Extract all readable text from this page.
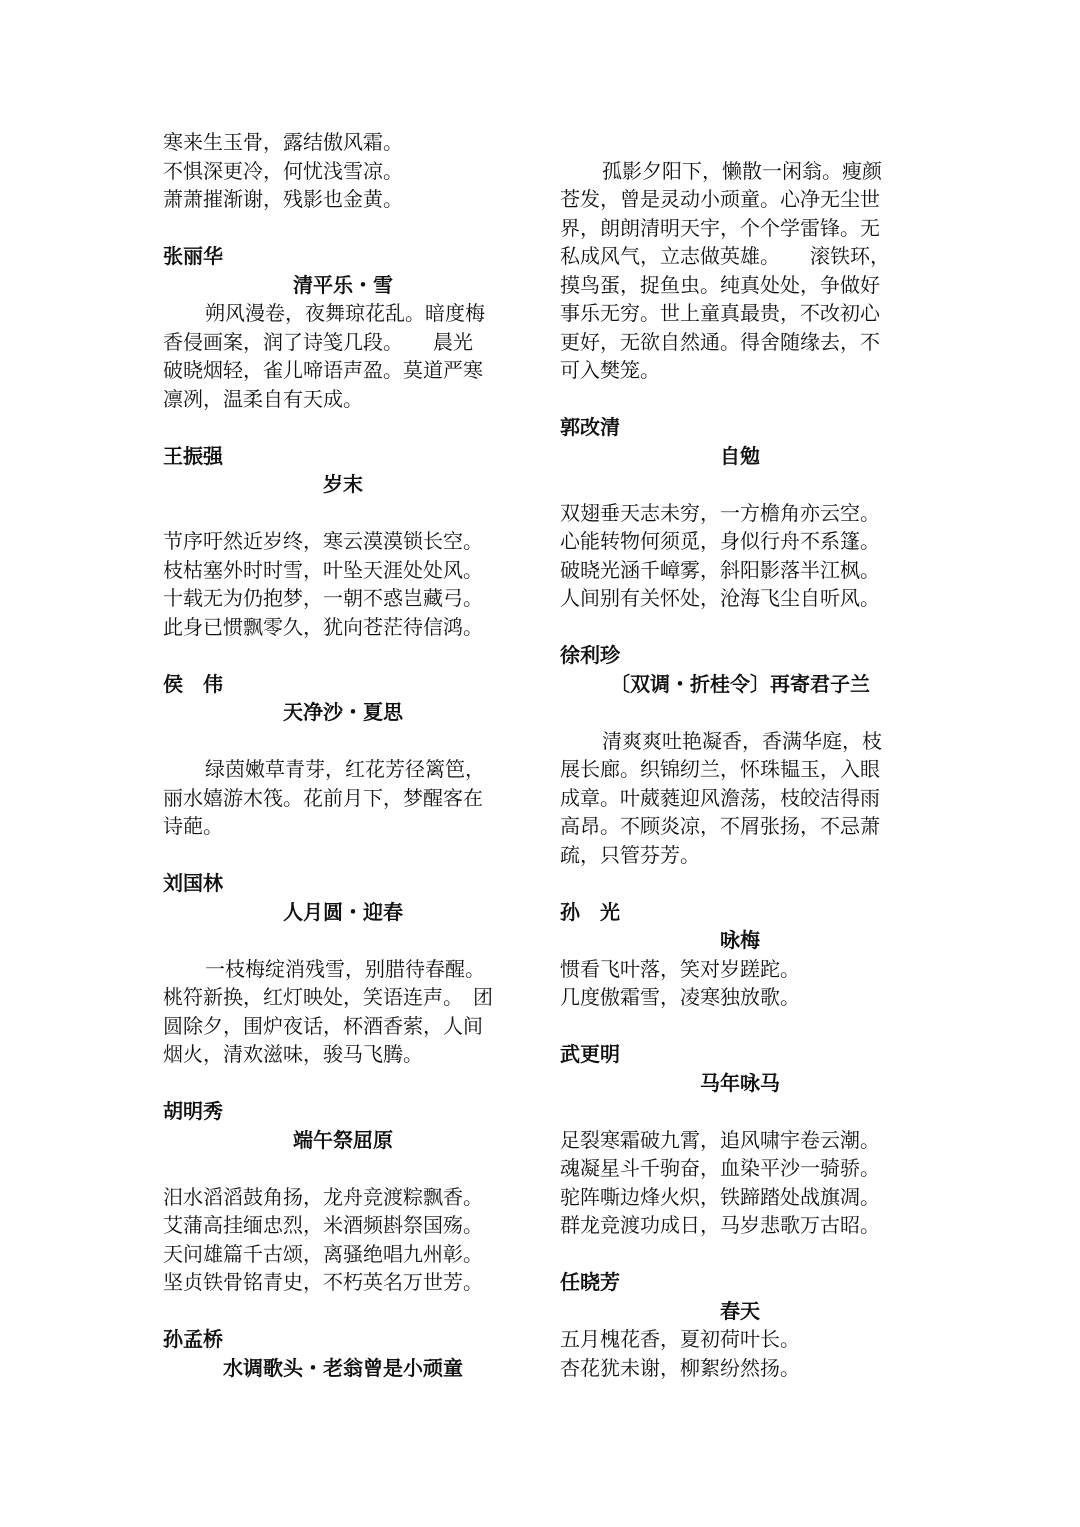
寒来生玉骨，露结傲风霜。
不惧深更冷，何忧浅雪凉。
萧萧摧渐谢，残影也金黄。
张丽华
清平乐・雪
朔风漫卷，夜舞琼花乱。暗度梅
香侵画案，润了诗笺几段。　　晨光
破晓烟轻，雀儿啼语声盈。莫道严寒
凛冽，温柔自有天成。
王振强
岁末
节序吁然近岁终，寒云漠漠锁长空。
枝枯塞外时时雪，叶坠天涯处处风。
十载无为仍抱梦，一朝不惑岂藏弓。
此身已惯飘零久，犹向苍茫待信鸿。
侯　伟
天净沙・夏思
绿茵嫩草青芽，红花芳径篱笆，
丽水嬉游木筏。花前月下，梦醒客在
诗葩。
刘国林
人月圆・迎春
一枝梅绽消残雪，别腊待春醒。
桃符新换，红灯映处，笑语连声。　团
圆除夕，围炉夜话，杯酒香萦，人间
烟火，清欢滋味，骏马飞腾。
胡明秀
端午祭屈原
汨水滔滔鼓角扬，龙舟竞渡粽飘香。
艾蒲高挂缅忠烈，米酒频斟祭国殇。
天问雄篇千古颂，离骚绝唱九州彰。
坚贞铁骨铭青史，不朽英名万世芳。
孙孟桥
水调歌头・老翁曾是小顽童
孤影夕阳下，懒散一闲翁。瘦颜
苍发，曾是灵动小顽童。心净无尘世
界，朗朗清明天宇，个个学雷锋。无
私成风气，立志做英雄。　　滚铁环，
摸鸟蛋，捉鱼虫。纯真处处，争做好
事乐无穷。世上童真最贵，不改初心
更好，无欲自然通。得舍随缘去，不
可入樊笼。
郭改清
自勉
双翅垂天志未穷，一方檐角亦云空。
心能转物何须觅，身似行舟不系篷。
破晓光涵千嶂雾，斜阳影落半江枫。
人间别有关怀处，沧海飞尘自听风。
徐利珍
〔双调・折桂令〕再寄君子兰
清爽爽吐艳凝香，香满华庭，枝
展长廊。织锦纫兰，怀珠韫玉，入眼
成章。叶葳蕤迎风澹荡，枝皎洁得雨
高昂。不顾炎凉，不屑张扬，不忌萧
疏，只管芬芳。
孙　光
咏梅
惯看飞叶落，笑对岁蹉跎。
几度傲霜雪，凌寒独放歌。
武更明
马年咏马
足裂寒霜破九霄，追风啸宇卷云潮。
魂凝星斗千驹奋，血染平沙一骑骄。
驼阵嘶边烽火炽，铁蹄踏处战旗凋。
群龙竞渡功成日，马岁悲歌万古昭。
任晓芳
春天
五月槐花香，夏初荷叶长。
杏花犹未谢，柳絮纷然扬。
